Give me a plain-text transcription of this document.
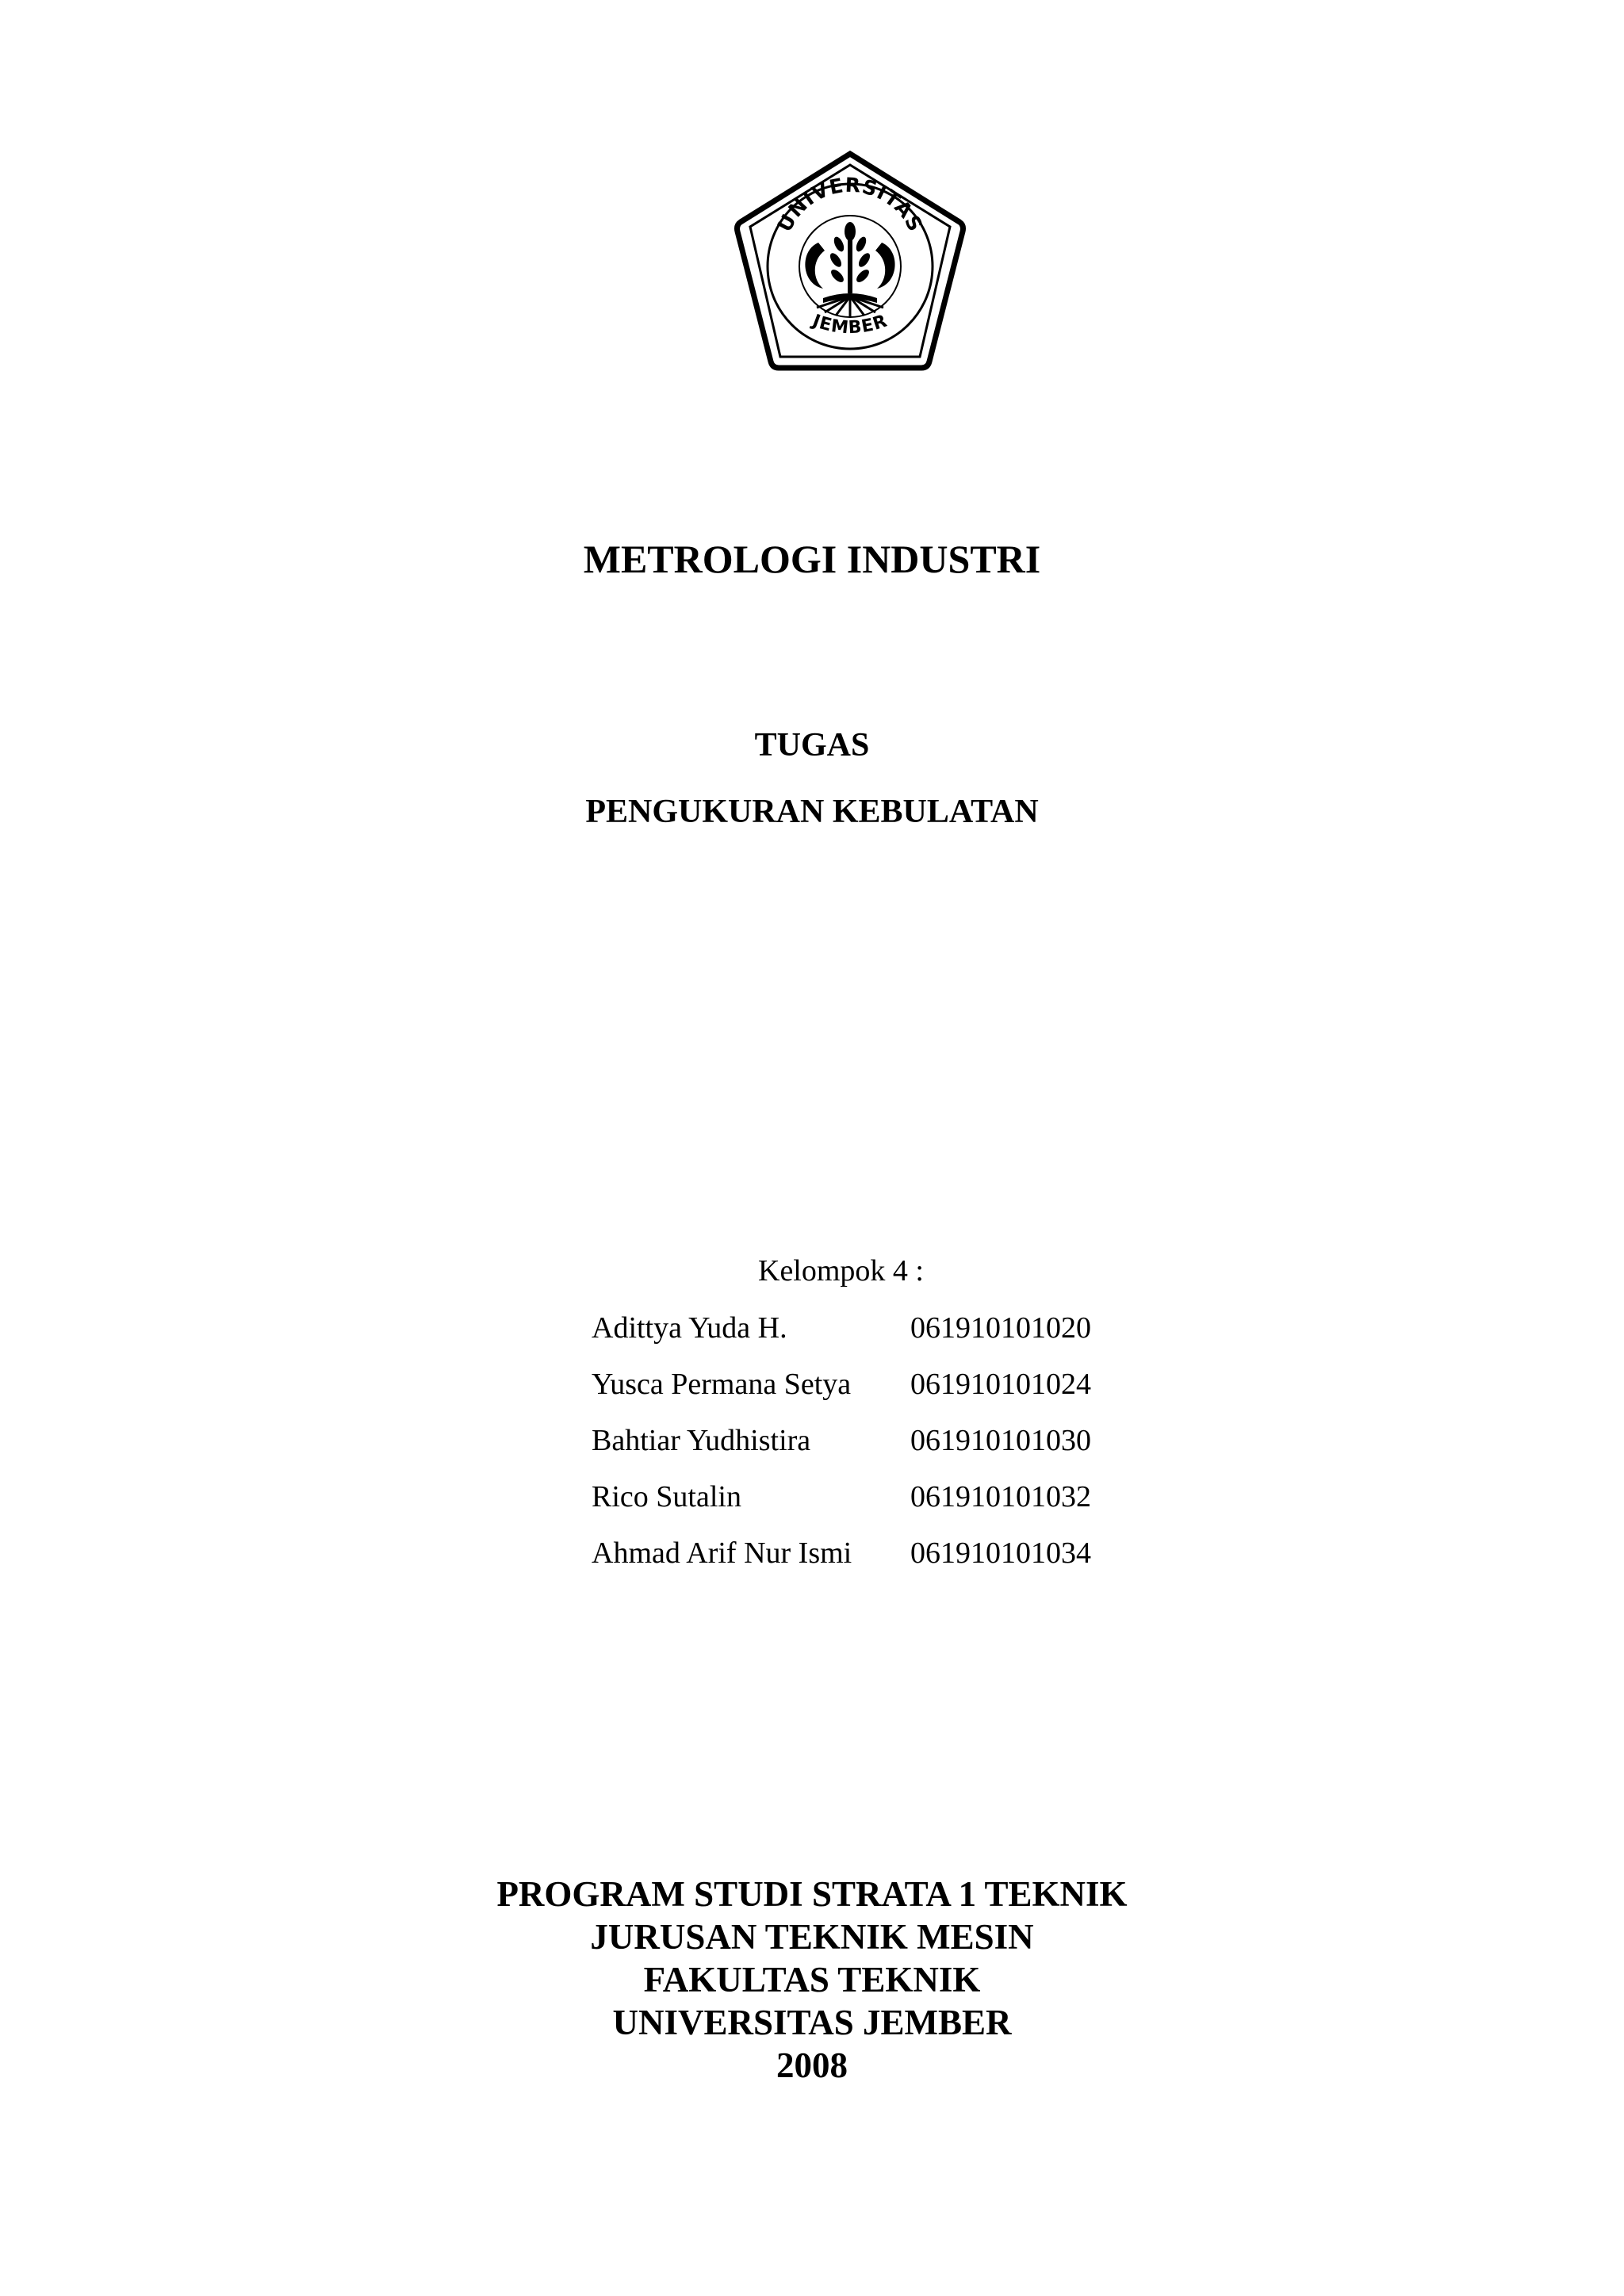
UNIVERSITAS
JEMBER
METROLOGI INDUSTRI
TUGAS
PENGUKURAN KEBULATAN
Kelompok 4 :
Adittya Yuda H.	061910101020
Yusca Permana Setya 061910101024
Bahtiar Yudhistira	061910101030
Rico Sutalin	061910101032
Ahmad Arif Nur Ismi 061910101034
PROGRAM STUDI STRATA 1 TEKNIK
JURUSAN TEKNIK MESIN
FAKULTAS TEKNIK
UNIVERSITAS JEMBER
2008
